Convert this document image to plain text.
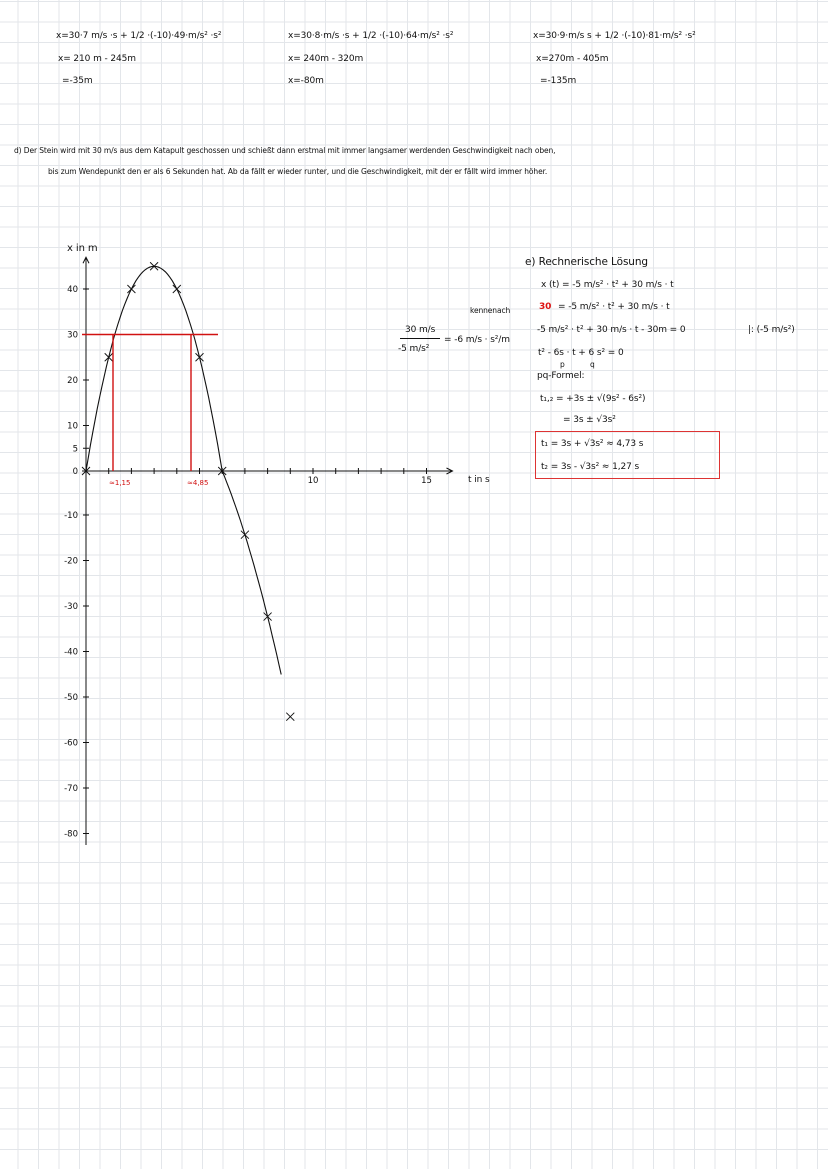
x=30·7 m/s ·s + 1/2 ·(-10)·49·m/s² ·s²
x= 210 m - 245m
=-35m
x=30·8·m/s ·s + 1/2 ·(-10)·64·m/s² ·s²
x= 240m - 320m
x=-80m
x=30·9·m/s s + 1/2 ·(-10)·81·m/s² ·s²
x=270m - 405m
=-135m
d) Der Stein wird mit 30 m/s aus dem Katapult geschossen und schießt dann erstmal mit immer langsamer werdenden Geschwindigkeit nach oben,
bis zum Wendepunkt den er als 6 Sekunden hat. Ab da fällt er wieder runter, und die Geschwindigkeit, mit der er fällt wird immer höher.
40
30
20
10
5
0
-10
-20
-30
-40
-50
-60
-70
-80
10	15
≈1,15	≈4,85
x in m
t in s
30 m/s
-5 m/s²
= -6 m/s · s²/m
kennenach
e) Rechnerische Lösung
x (t) = -5 m/s² · t² + 30 m/s · t
30 = -5 m/s² · t² + 30 m/s · t
-5 m/s² · t² + 30 m/s · t - 30m = 0	|: (-5 m/s²)
t² - 6s · t + 6 s² = 0
p	q
pq-Formel:
t₁,₂ = +3s ± √(9s² - 6s²)
= 3s ± √3s²
t₁ = 3s + √3s² ≈ 4,73 s
t₂ = 3s - √3s² ≈ 1,27 s
